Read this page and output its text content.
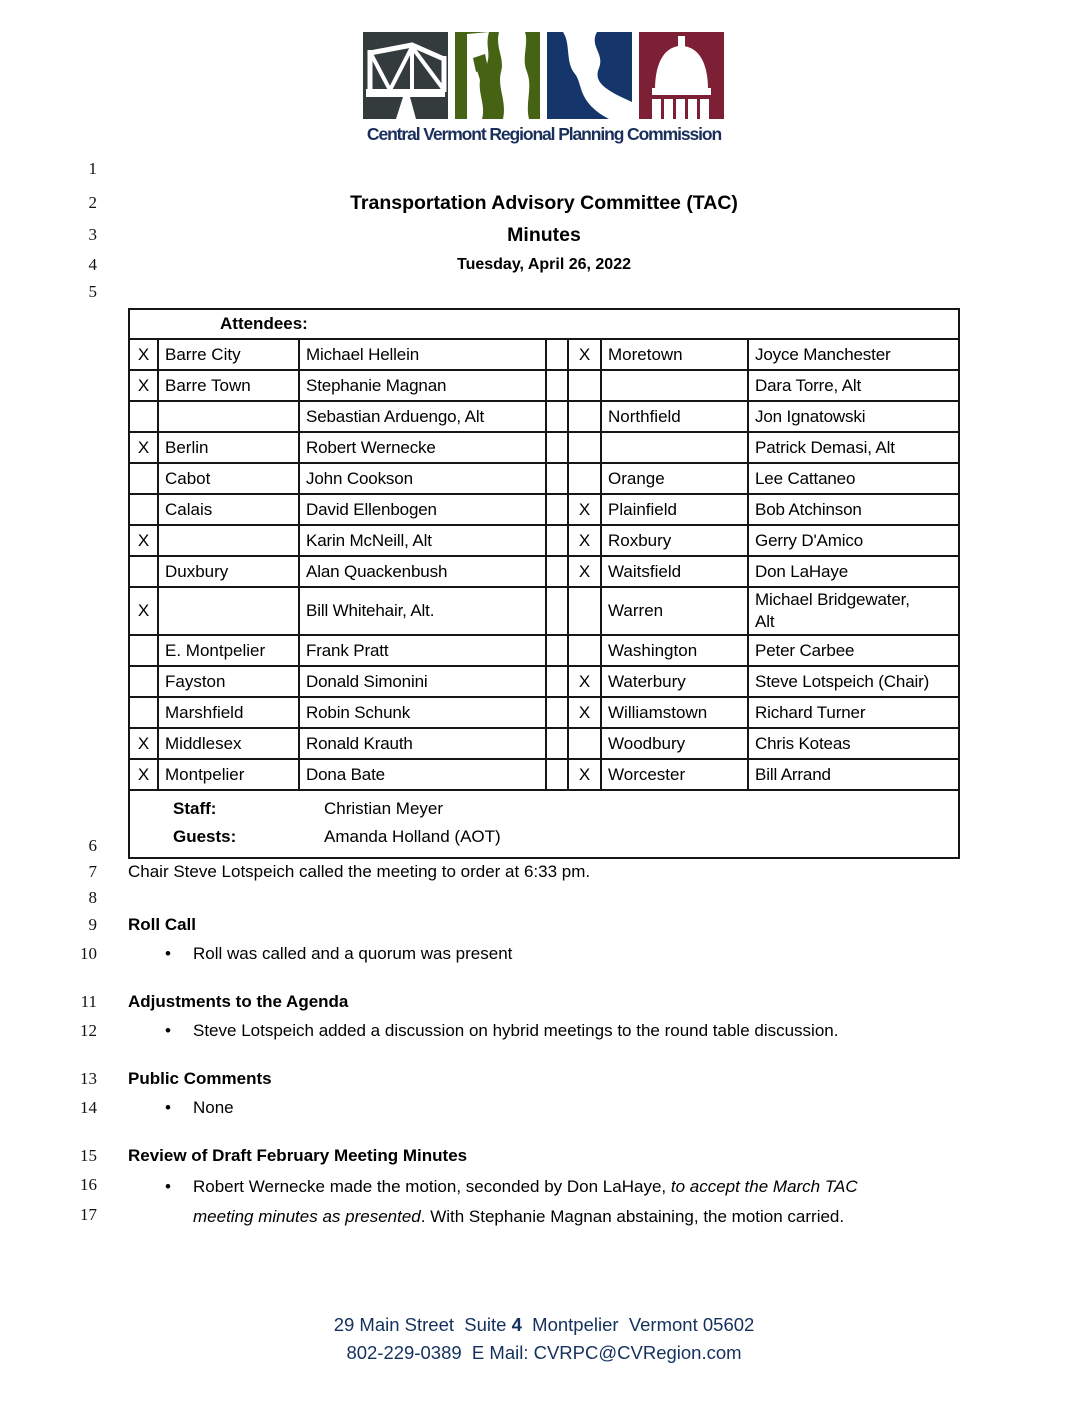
Central Vermont Regional Planning Commission
1
2
3
4
5
6
7
8
9
10
11
12
13
14
15
16
17
Transportation Advisory Committee (TAC)
Minutes
Tuesday, April 26, 2022
Attendees:						

Staff: Christian Meyer
Guests: Amanda Holland (AOT)						

X	Barre City	Michael Hellein		X	Moretown	Joyce Manchester
X	Barre Town	Stephanie Magnan				Dara Torre, Alt
		Sebastian Arduengo, Alt			Northfield	Jon Ignatowski
X	Berlin	Robert Wernecke				Patrick Demasi, Alt
	Cabot	John Cookson			Orange	Lee Cattaneo
	Calais	David Ellenbogen		X	Plainfield	Bob Atchinson
X		Karin McNeill, Alt		X	Roxbury	Gerry D'Amico
	Duxbury	Alan Quackenbush		X	Waitsfield	Don LaHaye
X		Bill Whitehair, Alt.			Warren	Michael Bridgewater,
Alt
	E. Montpelier	Frank Pratt			Washington	Peter Carbee
	Fayston	Donald Simonini		X	Waterbury	Steve Lotspeich (Chair)
	Marshfield	Robin Schunk		X	Williamstown	Richard Turner
X	Middlesex	Ronald Krauth			Woodbury	Chris Koteas
X	Montpelier	Dona Bate		X	Worcester	Bill Arrand
Chair Steve Lotspeich called the meeting to order at 6:33 pm.
Roll Call
• Roll was called and a quorum was present
Adjustments to the Agenda
• Steve Lotspeich added a discussion on hybrid meetings to the round table discussion.
Public Comments
• None
Review of Draft February Meeting Minutes
• Robert Wernecke made the motion, seconded by Don LaHaye, to accept the March TAC
meeting minutes as presented. With Stephanie Magnan abstaining, the motion carried.
29 Main Street  Suite 4  Montpelier  Vermont 05602
802-229-0389  E Mail: CVRPC@CVRegion.com
